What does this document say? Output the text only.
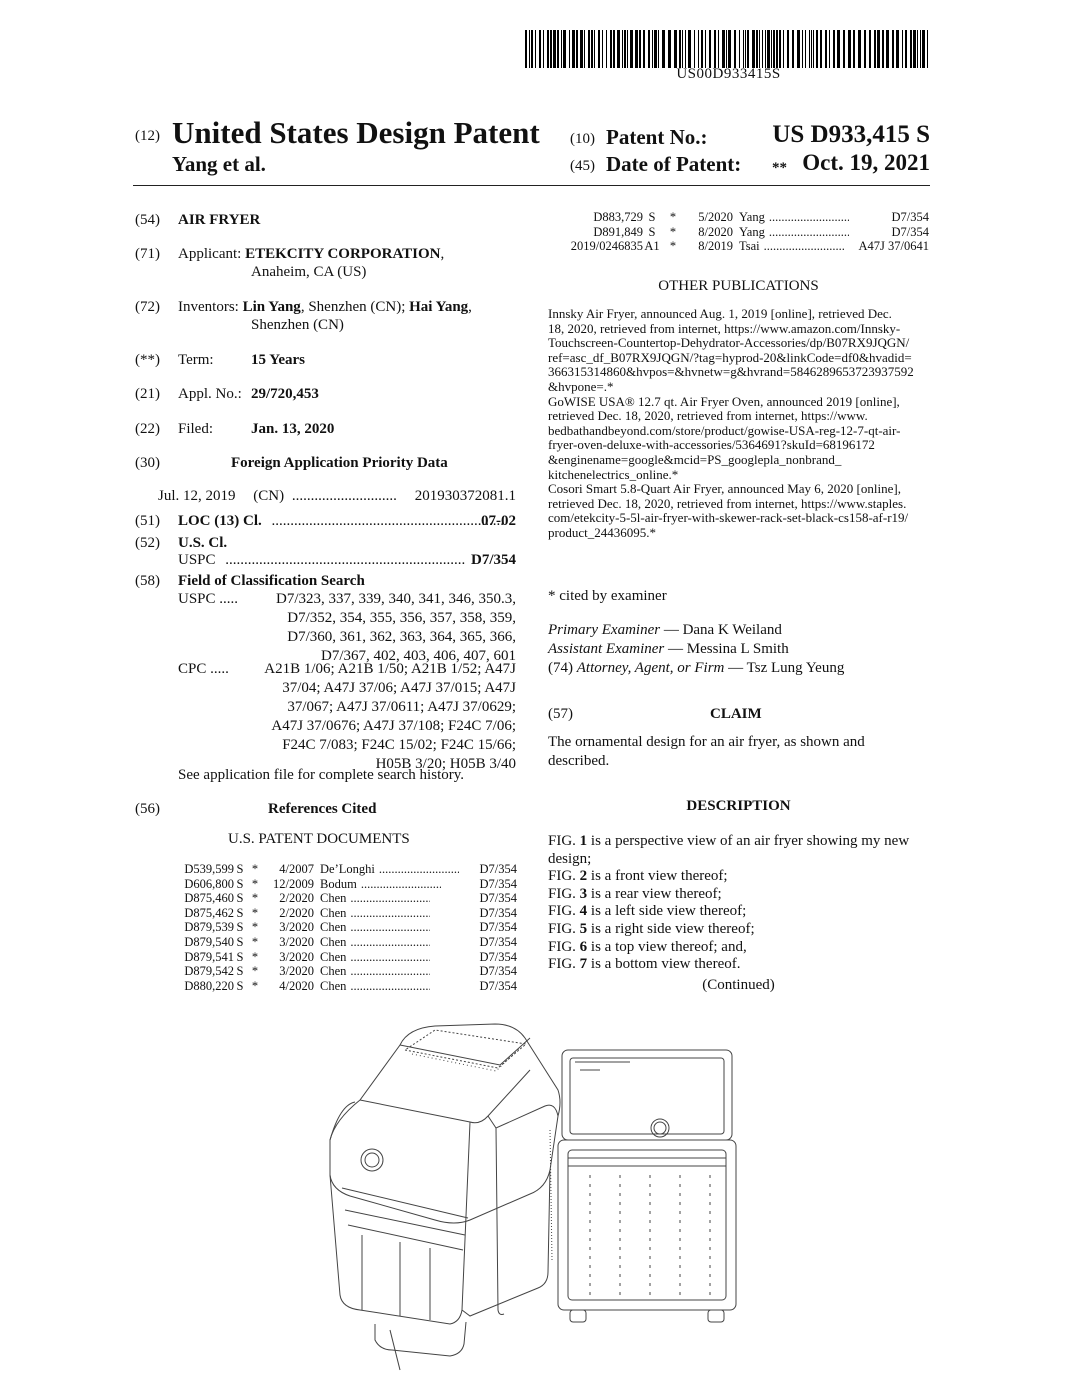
US00D933415S
(12) United States Design Patent
Yang et al.
(10) Patent No.:	US D933,415 S
(45) Date of Patent: ** Oct. 19, 2021
(54) AIR FRYER
(71) Applicant: ETEKCITY CORPORATION,
Anaheim, CA (US)
(72) Inventors: Lin Yang, Shenzhen (CN); Hai Yang,
Shenzhen (CN)
(**) Term: 15 Years
(21) Appl. No.: 29/720,453
(22) Filed:	Jan. 13, 2020
(30)	Foreign Application Priority Data
Jul. 12, 2019 (CN) .....	201930372081.1
(51) LOC (13) Cl. .....	07-02
(52) U.S. Cl.
USPC .....	D7/354
(58) Field of Classification Search
USPC .....	D7/323, 337, 339, 340, 341, 346, 350.3,
D7/352, 354, 355, 356, 357, 358, 359,
D7/360, 361, 362, 363, 364, 365, 366,
D7/367, 402, 403, 406, 407, 601
CPC .....	A21B 1/06; A21B 1/50; A21B 1/52; A47J
37/04; A47J 37/06; A47J 37/015; A47J
37/067; A47J 37/0611; A47J 37/0629;
A47J 37/0676; A47J 37/108; F24C 7/06;
F24C 7/083; F24C 15/02; F24C 15/66;
H05B 3/20; H05B 3/40
See application file for complete search history.
(56)	References Cited
U.S. PATENT DOCUMENTS
D539,599	S	*	4/2007	De’Longhi.....	D7/354
D606,800	S	*	12/2009	Bodum.....	D7/354
D875,460	S	*	2/2020	Chen.....	D7/354
D875,462	S	*	2/2020	Chen.....	D7/354
D879,539	S	*	3/2020	Chen.....	D7/354
D879,540	S	*	3/2020	Chen.....	D7/354
D879,541	S	*	3/2020	Chen.....	D7/354
D879,542	S	*	3/2020	Chen.....	D7/354
D880,220	S	*	4/2020	Chen.....	D7/354
D883,729	S	*	5/2020	Yang.....	D7/354
D891,849	S	*	8/2020	Yang.....	D7/354
2019/0246835	A1	*	8/2019	Tsai.....	A47J 37/0641
OTHER PUBLICATIONS
Innsky Air Fryer, announced Aug. 1, 2019 [online], retrieved Dec.
18, 2020, retrieved from internet, https://www.amazon.com/Innsky-
Touchscreen-Countertop-Dehydrator-Accessories/dp/B07RX9JQGN/
ref=asc_df_B07RX9JQGN/?tag=hyprod-20&linkCode=df0&hvadid=
366315314860&hvpos=&hvnetw=g&hvrand=5846289653723937592
&hvpone=.*
GoWISE USA® 12.7 qt. Air Fryer Oven, announced 2019 [online],
retrieved Dec. 18, 2020, retrieved from internet, https://www.
bedbathandbeyond.com/store/product/gowise-USA-reg-12-7-qt-air-
fryer-oven-deluxe-with-accessories/5364691?skuId=68196172
&enginename=google&mcid=PS_googlepla_nonbrand_
kitchenelectrics_online.*
Cosori Smart 5.8-Quart Air Fryer, announced May 6, 2020 [online],
retrieved Dec. 18, 2020, retrieved from internet, https://www.staples.
com/etekcity-5-5l-air-fryer-with-skewer-rack-set-black-cs158-af-r19/
product_24436095.*
* cited by examiner
Primary Examiner — Dana K Weiland
Assistant Examiner — Messina L Smith
(74) Attorney, Agent, or Firm — Tsz Lung Yeung
(57)	CLAIM
The ornamental design for an air fryer, as shown and
described.
DESCRIPTION
FIG. 1 is a perspective view of an air fryer showing my new
design;
FIG. 2 is a front view thereof;
FIG. 3 is a rear view thereof;
FIG. 4 is a left side view thereof;
FIG. 5 is a right side view thereof;
FIG. 6 is a top view thereof; and,
FIG. 7 is a bottom view thereof.
(Continued)
